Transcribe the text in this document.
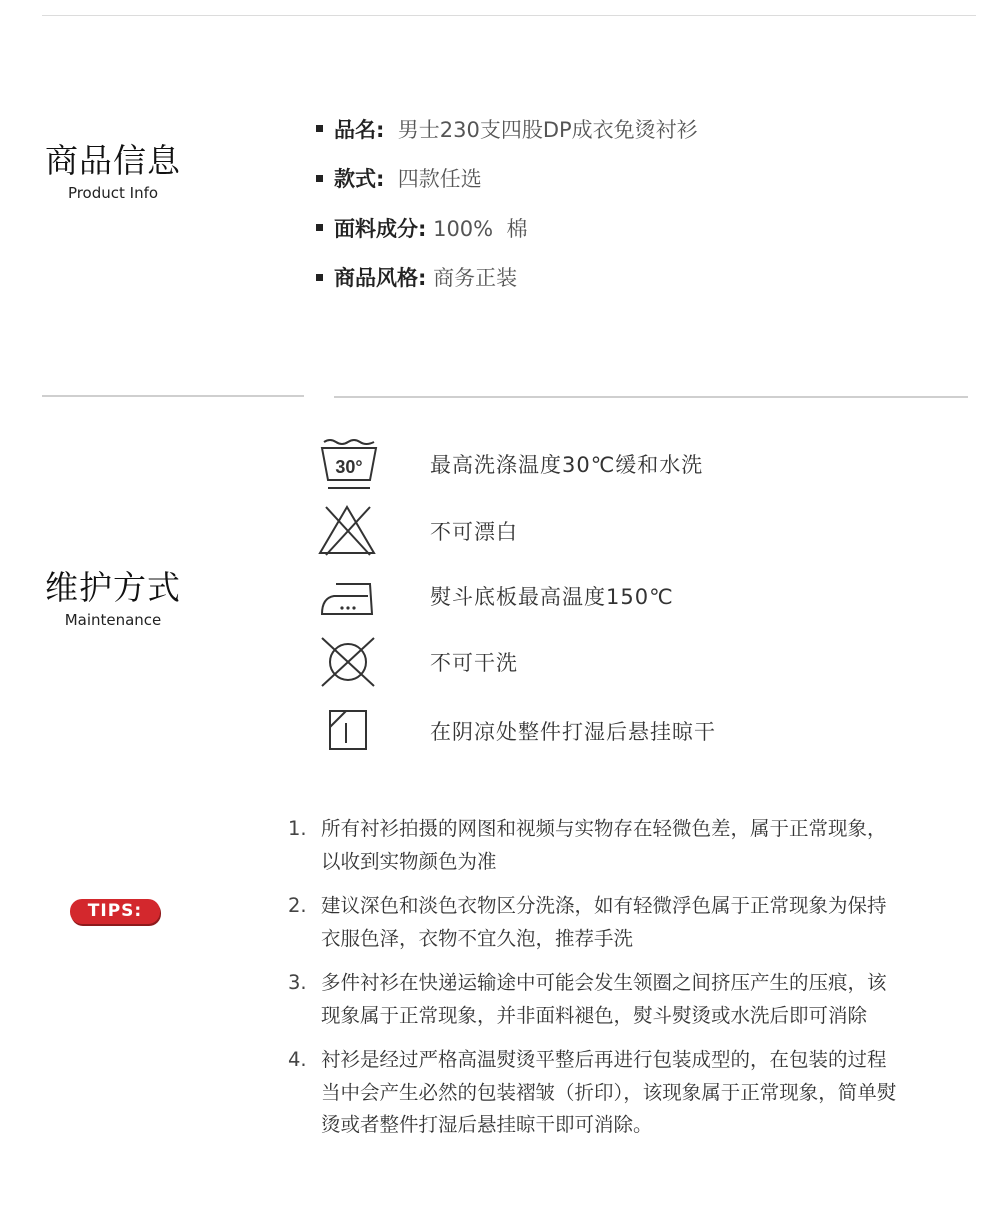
商品信息
Product Info
品名: 男士230支四股DP成衣免烫衬衫
款式: 四款任选
面料成分: 100%  棉
商品风格: 商务正装
维护方式
Maintenance
30°	最高洗涤温度30℃缓和水洗
不可漂白
熨斗底板最高温度150℃
不可干洗
在阴凉处整件打湿后悬挂晾干
TIPS:
1. 所有衬衫拍摄的网图和视频与实物存在轻微色差，属于正常现象，以收到实物颜色为准
2. 建议深色和淡色衣物区分洗涤，如有轻微浮色属于正常现象为保持衣服色泽，衣物不宜久泡，推荐手洗
3. 多件衬衫在快递运输途中可能会发生领圈之间挤压产生的压痕，该现象属于正常现象，并非面料褪色，熨斗熨烫或水洗后即可消除
4. 衬衫是经过严格高温熨烫平整后再进行包装成型的，在包装的过程当中会产生必然的包装褶皱（折印），该现象属于正常现象，简单熨烫或者整件打湿后悬挂晾干即可消除。
